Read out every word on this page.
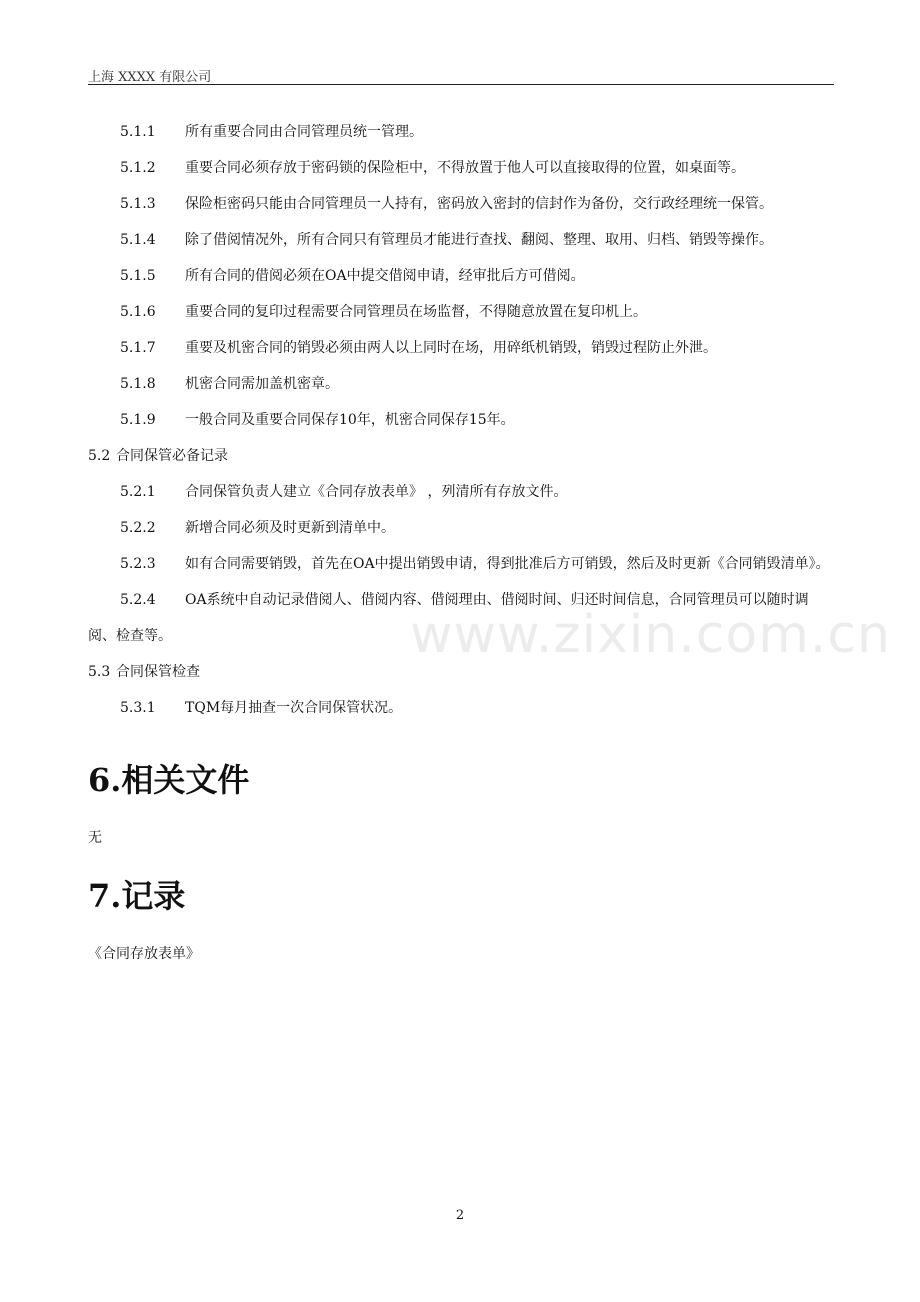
上海 XXXX 有限公司
www.zixin.com.cn
5.1.1 所有重要合同由合同管理员统一管理。
5.1.2 重要合同必须存放于密码锁的保险柜中，不得放置于他人可以直接取得的位置，如桌面等。
5.1.3 保险柜密码只能由合同管理员一人持有，密码放入密封的信封作为备份，交行政经理统一保管。
5.1.4 除了借阅情况外，所有合同只有管理员才能进行查找、翻阅、整理、取用、归档、销毁等操作。
5.1.5 所有合同的借阅必须在OA中提交借阅申请，经审批后方可借阅。
5.1.6 重要合同的复印过程需要合同管理员在场监督，不得随意放置在复印机上。
5.1.7 重要及机密合同的销毁必须由两人以上同时在场，用碎纸机销毁，销毁过程防止外泄。
5.1.8 机密合同需加盖机密章。
5.1.9 一般合同及重要合同保存10年，机密合同保存15年。
5.2 合同保管必备记录
5.2.1 合同保管负责人建立《合同存放表单》 ，列清所有存放文件。
5.2.2 新增合同必须及时更新到清单中。
5.2.3 如有合同需要销毁，首先在OA中提出销毁申请，得到批准后方可销毁，然后及时更新《合同销毁清单》。
5.2.4 OA系统中自动记录借阅人、借阅内容、借阅理由、借阅时间、归还时间信息，合同管理员可以随时调阅、检查等。
5.3 合同保管检查
5.3.1 TQM每月抽查一次合同保管状况。
6.相关文件
无
7.记录
《合同存放表单》
2
